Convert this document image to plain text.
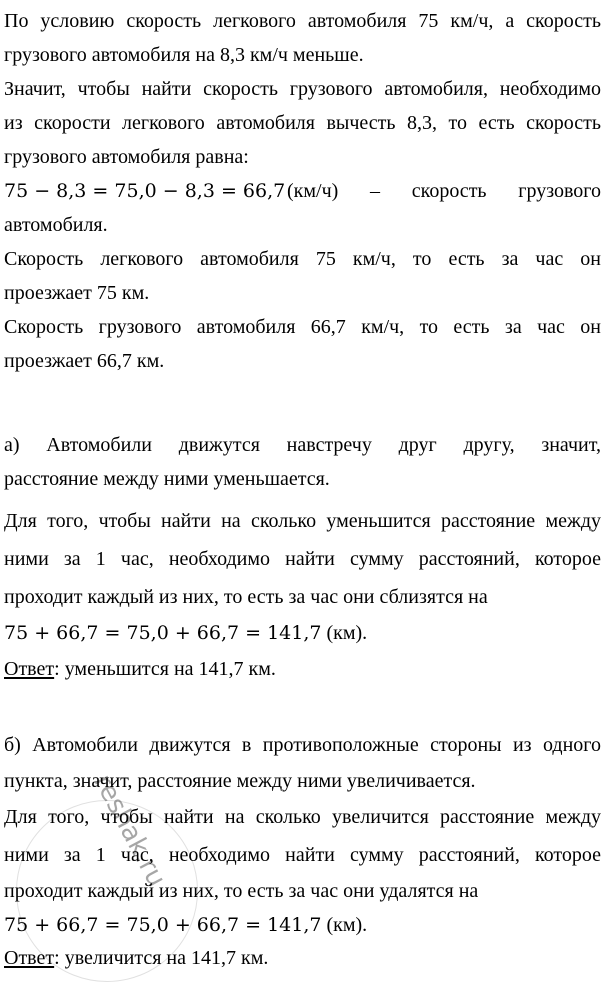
По условию скорость легкового автомобиля 75 км/ч, а скорость
грузового автомобиля на 8,3 км/ч меньше.
Значит, чтобы найти скорость грузового автомобиля, необходимо
из скорости легкового автомобиля вычесть 8,3, то есть скорость
грузового автомобиля равна:
75 − 8,3 = 75,0 − 8,3 = 66,7 (км/ч) – скорость грузового
автомобиля.
Скорость легкового автомобиля 75 км/ч, то есть за час он
проезжает 75 км.
Скорость грузового автомобиля 66,7 км/ч, то есть за час он
проезжает 66,7 км.
а) Автомобили движутся навстречу друг другу, значит,
расстояние между ними уменьшается.
Для того, чтобы найти на сколько уменьшится расстояние между
ними за 1 час, необходимо найти сумму расстояний, которое
проходит каждый из них, то есть за час они сблизятся на
75 + 66,7 = 75,0 + 66,7 = 141,7 (км).
Ответ: уменьшится на 141,7 км.
б) Автомобили движутся в противоположные стороны из одного
пункта, значит, расстояние между ними увеличивается.
Для того, чтобы найти на сколько увеличится расстояние между
ними за 1 час, необходимо найти сумму расстояний, которое
проходит каждый из них, то есть за час они удалятся на
75 + 66,7 = 75,0 + 66,7 = 141,7 (км).
Ответ: увеличится на 141,7 км.
reshak.ru
